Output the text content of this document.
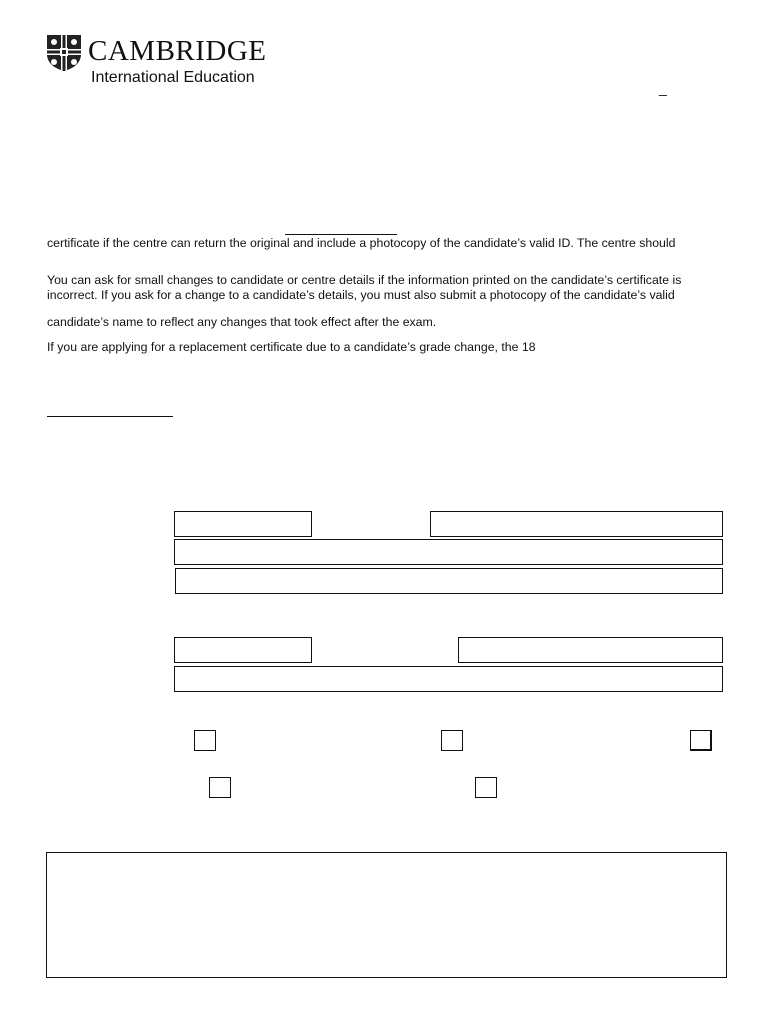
CAMBRIDGE
International Education
_
certificate if the centre can return the original and include a photocopy of the candidate’s valid ID. The centre should
You can ask for small changes to candidate or centre details if the information printed on the candidate’s certificate is
incorrect. If you ask for a change to a candidate’s details, you must also submit a photocopy of the candidate’s valid
candidate’s name to reflect any changes that took effect after the exam.
If you are applying for a replacement certificate due to a candidate’s grade change, the 18
